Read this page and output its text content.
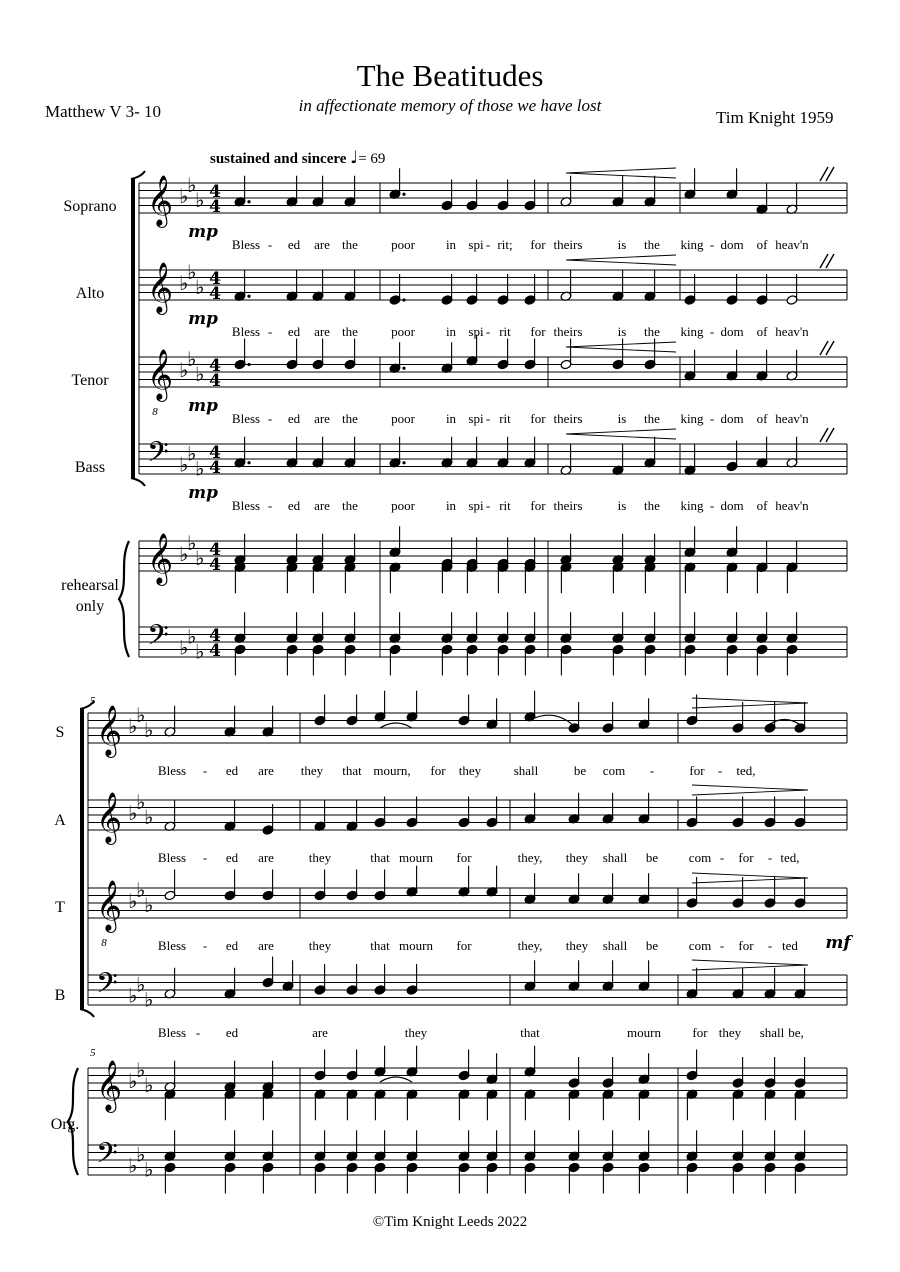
The Beatitudes
in affectionate memory of those we have lost
Matthew V 3- 10	Tim Knight 1959
sustained and sincere ♩= 69
Soprano
Alto
Tenor
Bass
rehearsal
only
S
A
T
B
Org.
𝄞 ♭
♭
♭ 4
4
𝄞 ♭
♭
♭ 4
4
𝄞 ♭
♭
♭ 4
4
𝄢 ♭
♭
♭
4
4
8
𝄞 ♭
♭
♭ 4
4
𝄢 ♭
♭
♭
4
4
mp
mp
mp
mp
Bless - ed are the	poor in spi - rit; for theirs	is the king - dom of heav'n
Bless - ed are the	poor in spi - rit for theirs	is the king - dom of heav'n
Bless - ed are the	poor in spi - rit for theirs	is the king - dom of heav'n
Bless - ed are the	poor in spi - rit for theirs	is the king - dom of heav'n
5
5
𝄞 ♭
♭
♭
𝄞 ♭
♭
♭
𝄞 ♭
♭
♭
𝄢 ♭
♭
♭
8
𝄞 ♭
♭
♭
𝄢 ♭
♭
♭
mf
Bless - ed are they that mourn, for they	shall	be com -	for - ted,
Bless - ed are	they	that mourn for	they, they shall be com - for - ted,
Bless - ed are	they	that mourn for	they, they shall be com - for - ted
Bless - ed	are	they	that	mourn for they shall be,
©Tim Knight Leeds 2022
